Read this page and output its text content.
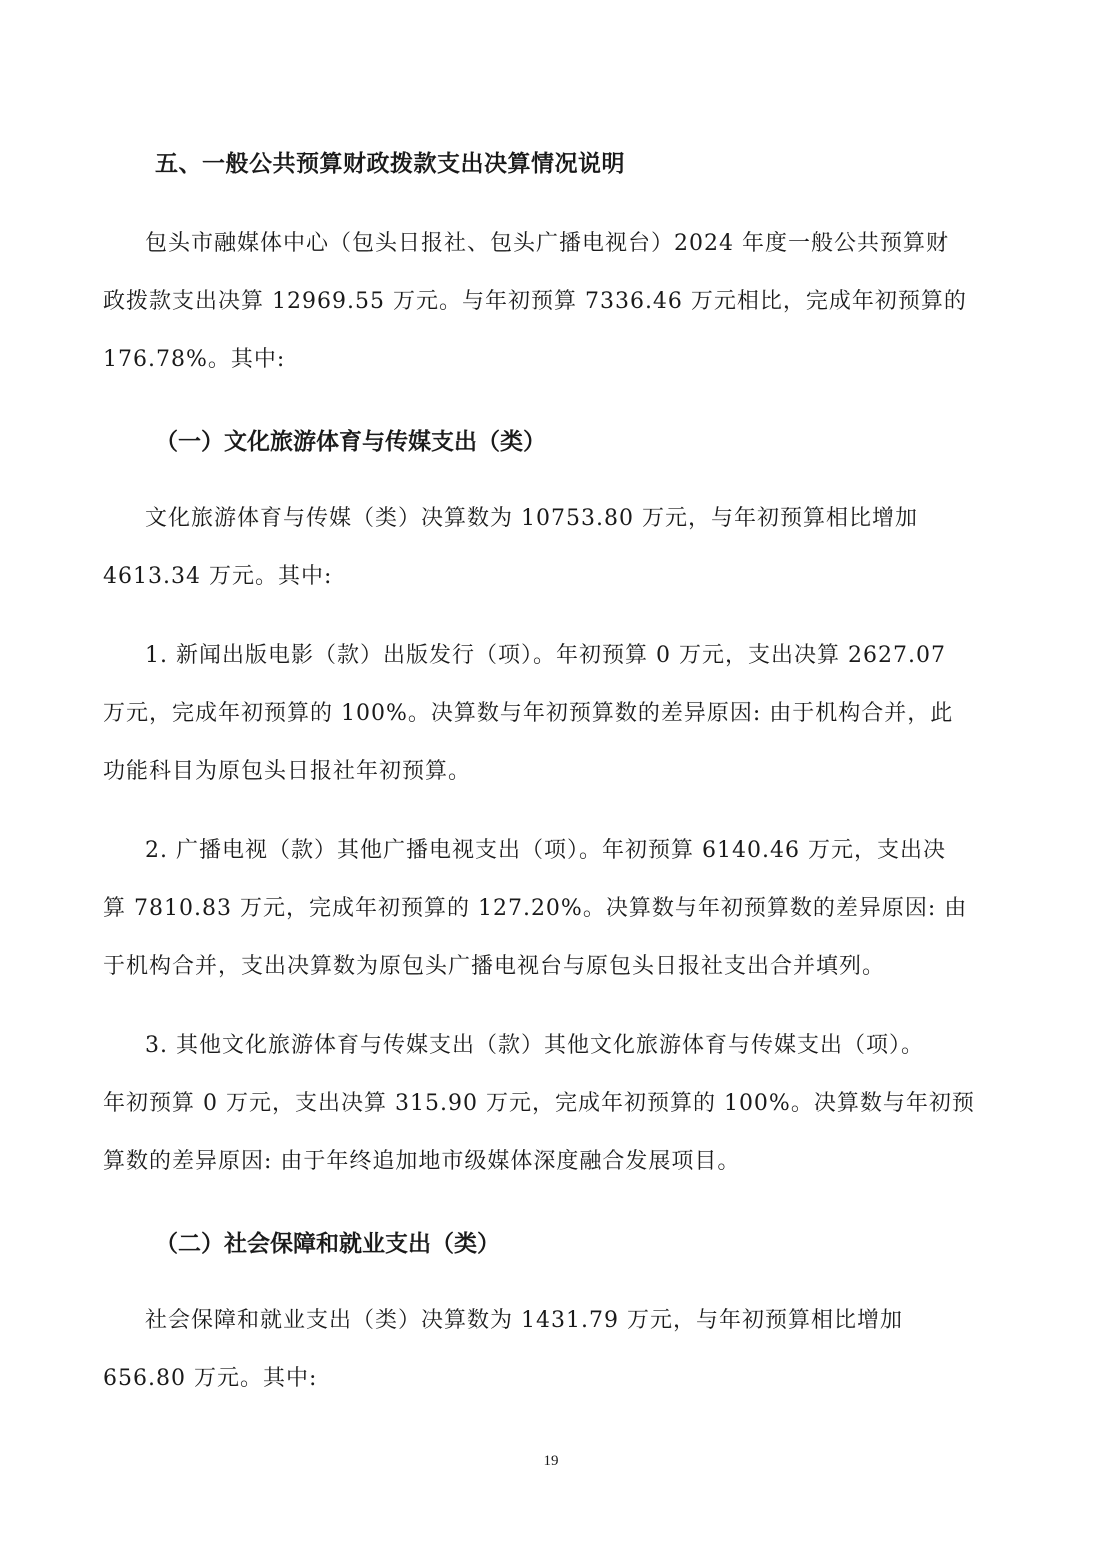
五、一般公共预算财政拨款支出决算情况说明
包头市融媒体中心（包头日报社、包头广播电视台）2024 年度一般公共预算财
政拨款支出决算 12969.55 万元。与年初预算 7336.46 万元相比，完成年初预算的
176.78%。其中:
（一）文化旅游体育与传媒支出（类）
文化旅游体育与传媒（类）决算数为 10753.80 万元，与年初预算相比增加
4613.34 万元。其中:
1. 新闻出版电影（款）出版发行（项）。年初预算 0 万元，支出决算 2627.07
万元，完成年初预算的 100%。决算数与年初预算数的差异原因: 由于机构合并，此
功能科目为原包头日报社年初预算。
2. 广播电视（款）其他广播电视支出（项）。年初预算 6140.46 万元，支出决
算 7810.83 万元，完成年初预算的 127.20%。决算数与年初预算数的差异原因: 由
于机构合并，支出决算数为原包头广播电视台与原包头日报社支出合并填列。
3. 其他文化旅游体育与传媒支出（款）其他文化旅游体育与传媒支出（项）。
年初预算 0 万元，支出决算 315.90 万元，完成年初预算的 100%。决算数与年初预
算数的差异原因: 由于年终追加地市级媒体深度融合发展项目。
（二）社会保障和就业支出（类）
社会保障和就业支出（类）决算数为 1431.79 万元，与年初预算相比增加
656.80 万元。其中:
19
